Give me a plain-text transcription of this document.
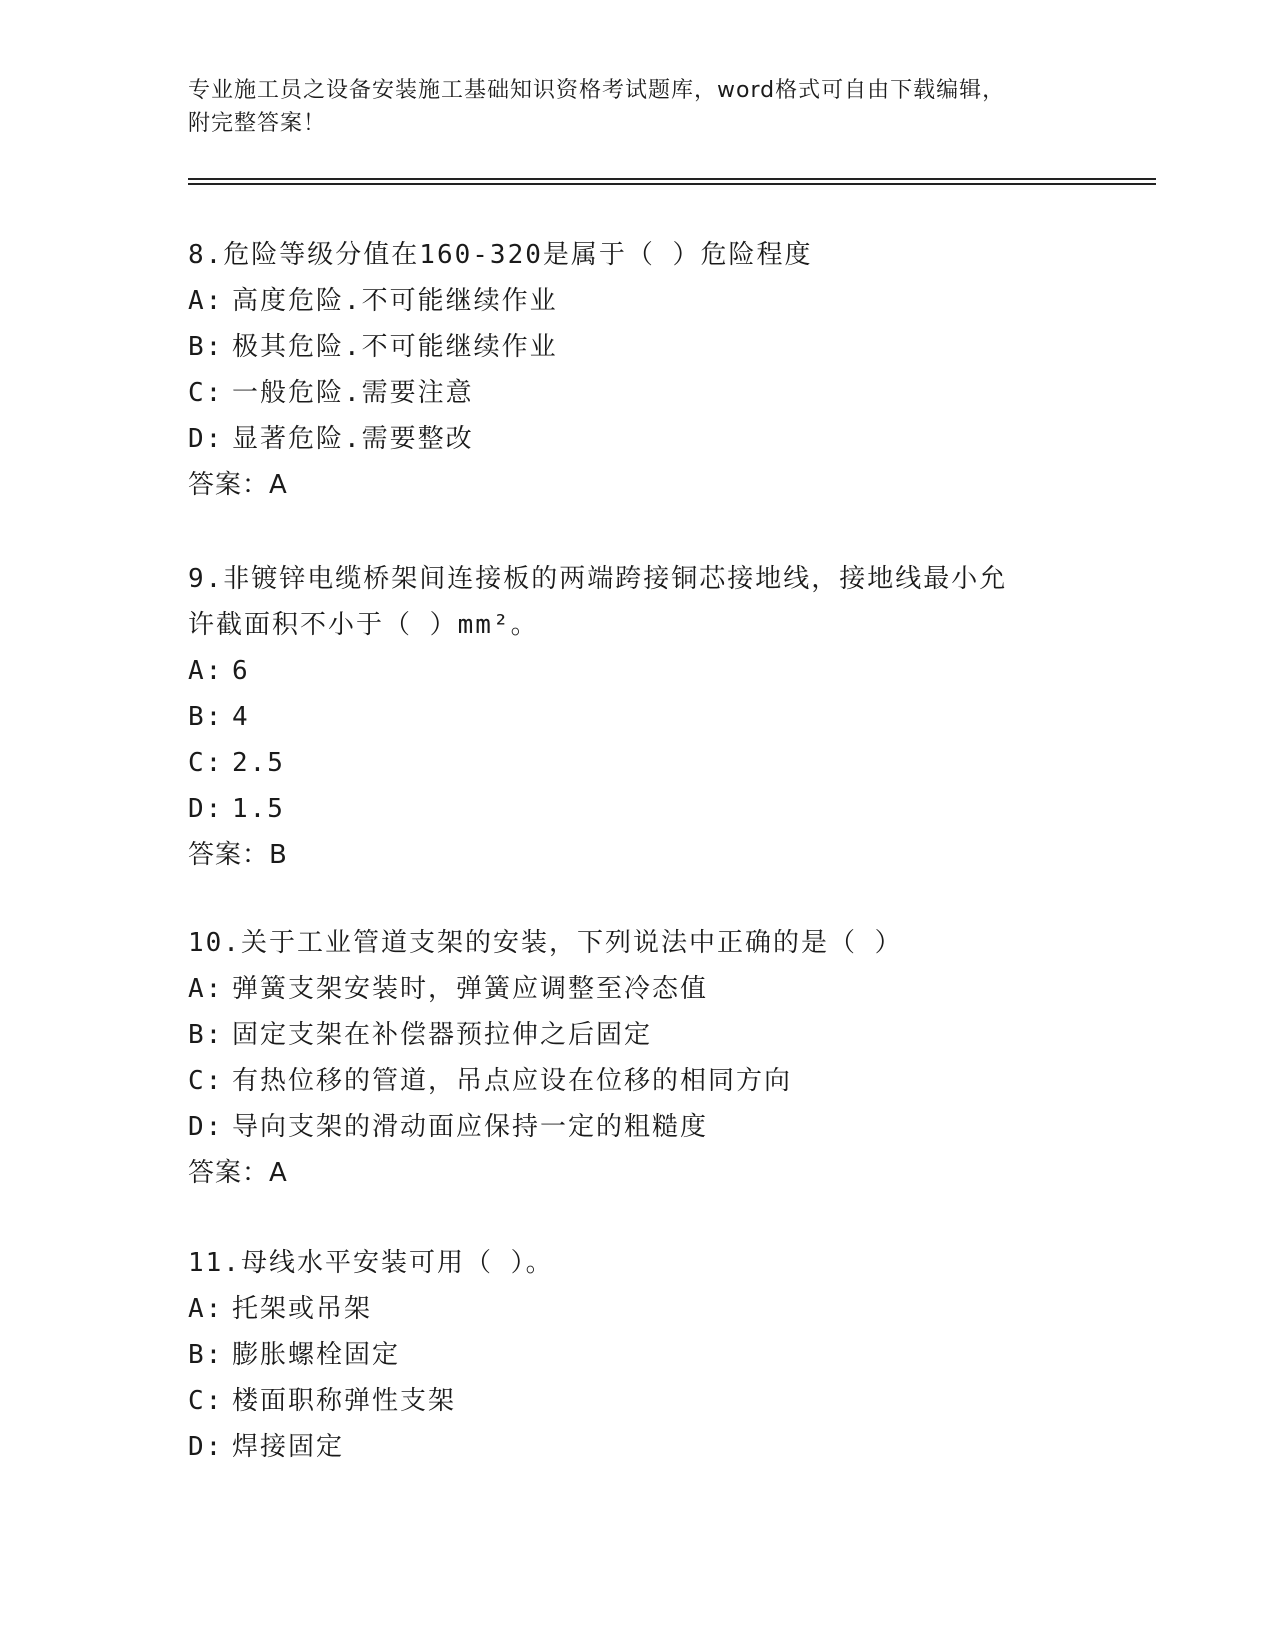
专业施工员之设备安装施工基础知识资格考试题库，word格式可自由下载编辑，
附完整答案！

8.危险等级分值在160-320是属于（ ）危险程度

A: 高度危险.不可能继续作业
B: 极其危险.不可能继续作业
C: 一般危险.需要注意
D: 显著危险.需要整改
答案：A

9.非镀锌电缆桥架间连接板的两端跨接铜芯接地线，接地线最小允许截面积不小于（ ）mm²。

A: 6
B: 4
C: 2.5
D: 1.5
答案：B

10.关于工业管道支架的安装，下列说法中正确的是（ ）

A: 弹簧支架安装时，弹簧应调整至冷态值
B: 固定支架在补偿器预拉伸之后固定
C: 有热位移的管道，吊点应设在位移的相同方向
D: 导向支架的滑动面应保持一定的粗糙度
答案：A

11.母线水平安装可用（ ）。

A: 托架或吊架
B: 膨胀螺栓固定
C: 楼面职称弹性支架
D: 焊接固定
